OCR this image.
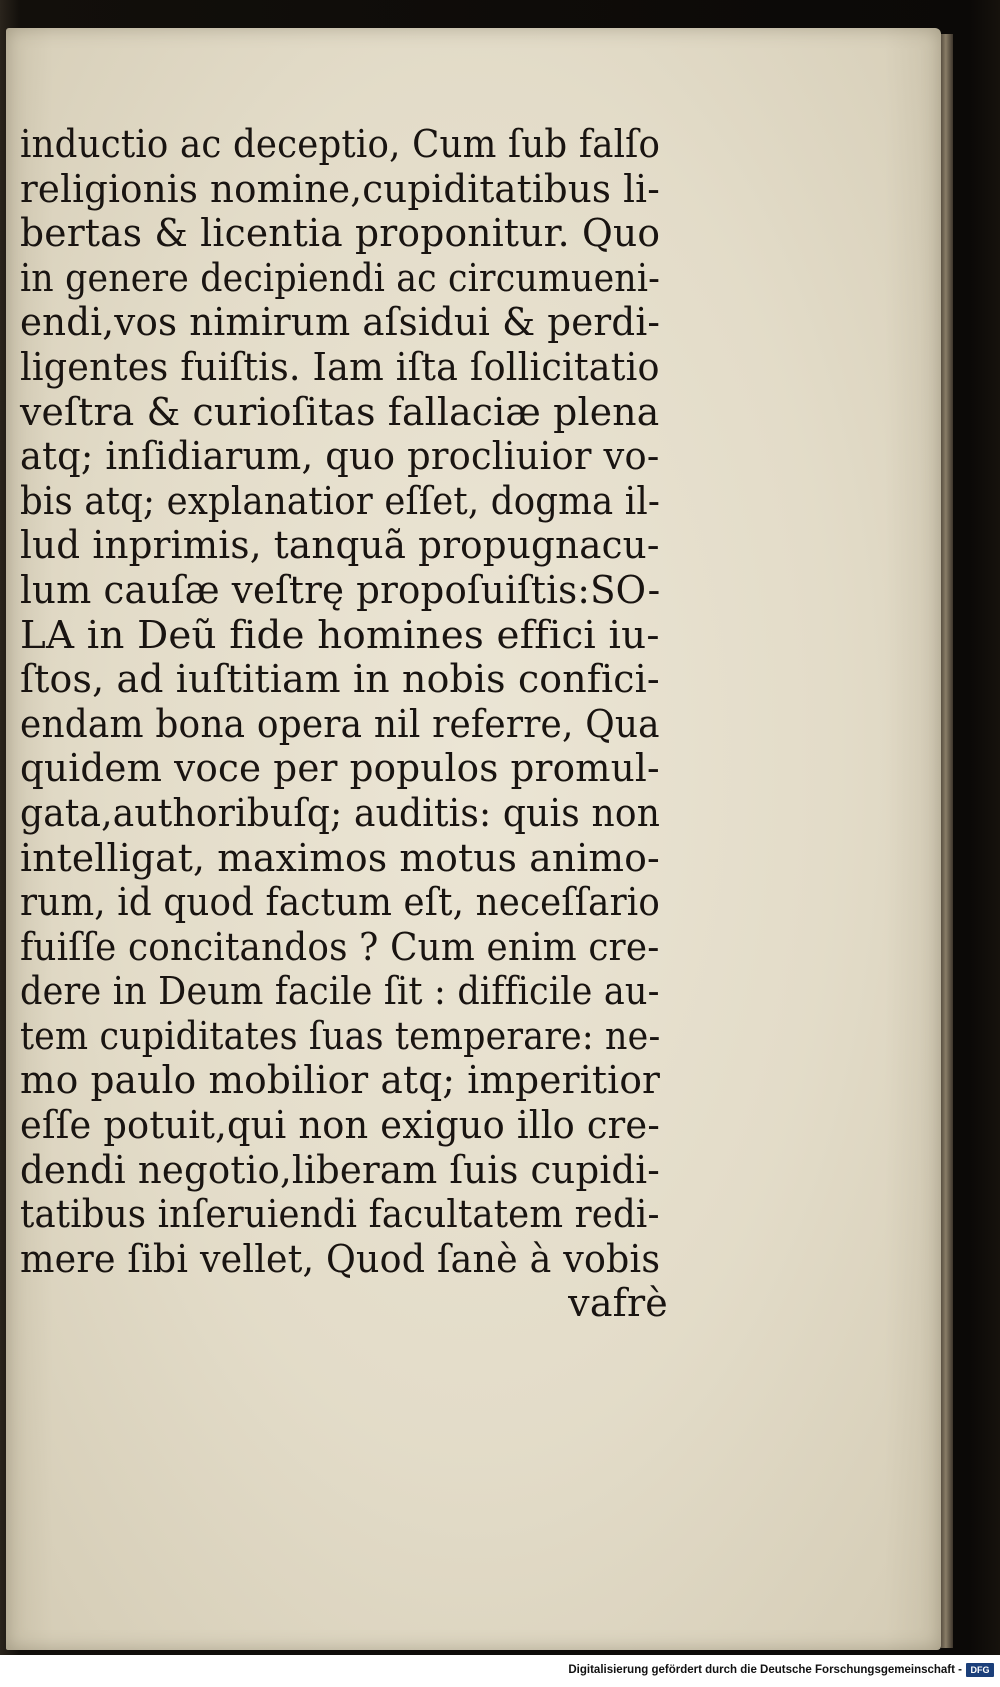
inductio ac deceptio, Cum ſub falſo
religionis nomine,cupiditatibus li-
bertas & licentia proponitur. Quo
in genere decipiendi ac circumueni-
endi,vos nimirum aſsidui & perdi-
ligentes fuiſtis. Iam iſta ſollicitatio
veſtra & curioſitas fallaciæ plena
atq; inſidiarum, quo procliuior vo-
bis atq; explanatior eſſet, dogma il-
lud inprimis, tanquã propugnacu-
lum cauſæ veſtrę propoſuiſtis:SO-
LA in Deũ fide homines effici iu-
ſtos, ad iuſtitiam in nobis confici-
endam bona opera nil referre, Qua
quidem voce per populos promul-
gata,authoribuſq; auditis: quis non
intelligat, maximos motus animo-
rum, id quod factum eſt, neceſſario
fuiſſe concitandos ? Cum enim cre-
dere in Deum facile ſit : difficile au-
tem cupiditates ſuas temperare: ne-
mo paulo mobilior atq; imperitior
eſſe potuit,qui non exiguo illo cre-
dendi negotio,liberam ſuis cupidi-
tatibus inſeruiendi facultatem redi-
mere ſibi vellet, Quod ſanè à vobis
vafrè
Digitalisierung gefördert durch die Deutsche Forschungsgemeinschaft - DFG
